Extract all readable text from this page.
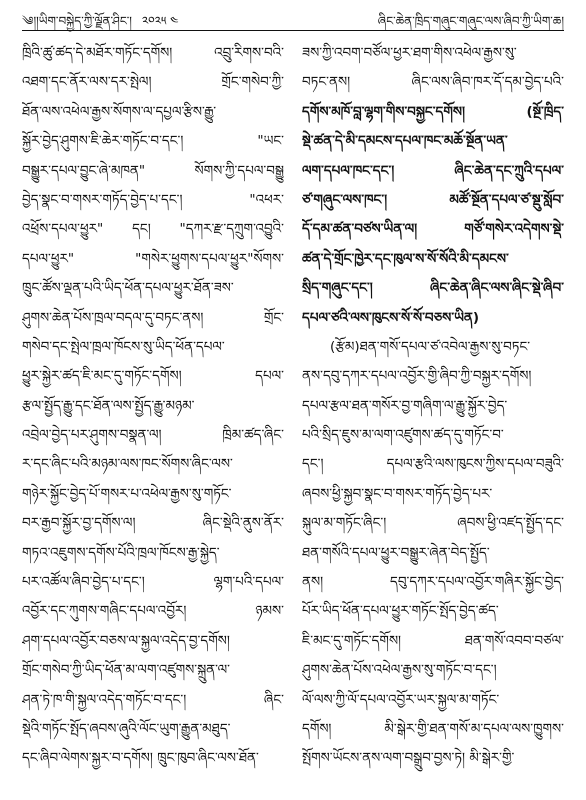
༄།།ཡིག་བསྐྱེད་ཀྱི་ལྗོན་ཤིང་། ༢༠༢༥ ༤	ཞིང་ཆེན་ཁྲིད་གཞུང་གཞུང་ལས་ཞིབ་ཀྱི་ཡིག་ཆ།
ཁྲིའི་ཚུ་ཚད་དེ་མཐོར་གཏོང་དགོས། འབྲུ་རིགས་བའི་
འཐག་དང་ནོར་ལས་དར་སྤེལ། གྲོང་གསེབ་ཀྱི་
ཐོན་ལས་འཕེལ་རྒྱས་སོགས་ལ་དཔྱལ་རྩིས་རྒྱུ་
སྐྱོར་བྱེད་ཤུགས་ཇི་ཆེར་གཏོང་བ་དང་། "ཡང་
བསྒྱུར་དཔལ་བྱུང་ཞེ་མཁན" སོགས་ཀྱི་དཔལ་བསྒྱུ
བྱེད་སྣང་བ་གསར་གཏོད་བྱེད་པ་དང་། "འཕར་
འཕྲོས་དཔལ་ཕྱུར" དང། "དཀར་རྫ་དཀྲུག་འབྱུའི་
དཔལ་ཕྱུར" "གསེར་ཕྱུགས་དཔལ་ཕྱུར"སོགས་
ཁྲུང་ཚོས་ལྡན་པའི་ཡིད་ཕོན་དཔལ་ཕྱུར་ཐོན་ཟས་
ཤུགས་ཆེན་པོས་ཁྲལ་བདལ་དུ་བཏང་ནས། གྲོང་
གསེབ་དང་སྤེལ་ཁྲལ་ཁོངས་སུ་ཡིད་ཕོན་དཔལ་
ཕྱུར་སྐྱེར་ཚད་ཇི་མང་དུ་གཏོང་དགོས། དཔལ་
རྩལ་སྤྱོད་རྒྱུ་དང་ཐོན་ལས་སྤྱོད་རྒྱུ་མཉམ་
འབྲེལ་བྱེད་པར་ཤུགས་བསྣན་ལ། ཁྲིམ་ཚད་ཞིང་
ར་དང་ཞིང་པའི་མཉམ་ལས་ཁང་སོགས་ཞིང་ལས་
གཉེར་སྐྱོང་བྱེད་པོ་གསར་པ་འཕེལ་རྒྱས་སུ་གཏོང་
བར་རྒྱབ་སྐྱོར་བྱ་དགོས་ལ། ཞིང་སྡེའི་ནུས་ནོར་
གཏའ་འཇུགས་དགོས་པོའི་ཁྲལ་ཁོངས་རྒྱ་སྐྱེད་
པར་འཚོལ་ཞིབ་བྱེད་པ་དང་། ལྷག་པའི་དཔལ་
འབྱོར་དང་ཀུགས་གཞིང་དཔལ་འབྱོར། ཉམས་
ཤག་དཔལ་འབྱོར་བཅས་ལ་སྐྱལ་འདེད་བྱ་དགོས།
གྲོང་གསེབ་ཀྱི་ཡིད་ཕོན་མ་ལག་འཛུགས་སྐྲུན་ལ་
ཤན་ཏེ་ཁ་གི་སྐྱལ་འདེད་གཏོང་བ་དང་། ཞིང་
སྡེའི་གཏོང་སྤོད་ཞབས་ཞུའི་ལོང་ཡུག་རྒྱུན་མཐུད་
དང་ཞིབ་ལེགས་སྐྱར་བ་དགོས། ཁྲུང་ཁུབ་ཞིང་ལས་ཐོན་
ཟས་ཀྱི་འབག་བཙོལ་ཕྱར་ཐག་གིས་འཕེལ་རྒྱས་སུ་
བཏང་ནས། ཞིང་ལས་ཞིབ་ཁར་དོ་དམ་བྱེད་པའི་
དགོས་མཁོ་བླ་ལྷག་གིས་བསྐྱང་དགོས། (སྔོ་ཁྲིད་
སྡེ་ཚན་དེ་མི་དམངས་དཔལ་ཁང་མཆོ་སྔོན་ཡན་
ལག་དཔལ་ཁང་དང་། ཞིང་ཆེན་དང་ཀྲུའི་དཔལ་
ཙ་གཞུང་ལས་ཁང་། མཚོ་སྔོན་དཔལ་ཙ་སྡུ་སློབ་
དོ་དམ་ཚན་བཙས་ཡིན་ལ། གཙོ་གསེར་འདེགས་སྡེ་
ཚན་དེ་གྲོང་ཁྱེར་དང་ཁུལ་ས་སོ་སོའི་མི་དམངས་
སྲིད་གཞུང་དང་། ཞིང་ཆེན་ཞིང་ལས་ཞིང་སྡེ་ཞིབ་
དཔལ་ཙའི་ལས་ཁུངས་སོ་སོ་བཅས་ཡིན)
(རྩོམ)ཐན་གསོ་དཔལ་ཙ་འབེལ་རྒྱས་སུ་བཏང་
ནས་དབུ་དཀར་དཔལ་འབྱོར་གྱི་ཞིབ་ཀྱི་བསྐྱར་དགོས།
དཔལ་རྩལ་ཐན་གསོར་བྱ་གཞིག་ལ་རྒྱུ་སྐྱོར་བྱེད་
པའི་སྲིད་ཇུས་མ་ལག་འཛུགས་ཚད་དུ་གཏོང་བ་
དང་། དཔལ་རྩའི་ལས་ཁུངས་ཀྱིས་དཔལ་བཟུའི་
ཞབས་ཕྱི་སྐྱབ་སྣང་བ་གསར་གཏོད་བྱེད་པར་
སྐུལ་མ་གཏོང་ཞིང་། ཞབས་ཕྱི་འཛད་སྤྱོད་དང་
ཐན་གསོའི་དཔལ་ཕྱུར་བསྒྱུར་ཞེན་བེད་སྤྱོད་
ནས། དབུ་དཀར་དཔལ་འབྱོར་གཞིར་སྐྱོང་བྱེད་
པོར་ཡིད་ཕོན་དཔལ་ཕྱུར་གཏོང་སྤོད་བྱེད་ཚད་
ཇི་མང་དུ་གཏོང་དགོས། ཐན་གསོ་འབབ་བཙལ་
ཤུགས་ཆེན་པོས་འཕེལ་རྒྱས་སུ་གཏོང་བ་དང་།
ལོ་ལས་ཀྱི་ལོ་དཔལ་འབྱོར་ཡར་སྐྱལ་མ་གཏོང་
དགོས། མི་སྒེར་གྱི་ཐན་གསོ་མ་དཔལ་ལས་ཁྱུགས་
སྤོགས་ཡོངས་ནས་ལག་བསྒྲུབ་བྱས་ཏེ། མི་སྒེར་གྱི་
